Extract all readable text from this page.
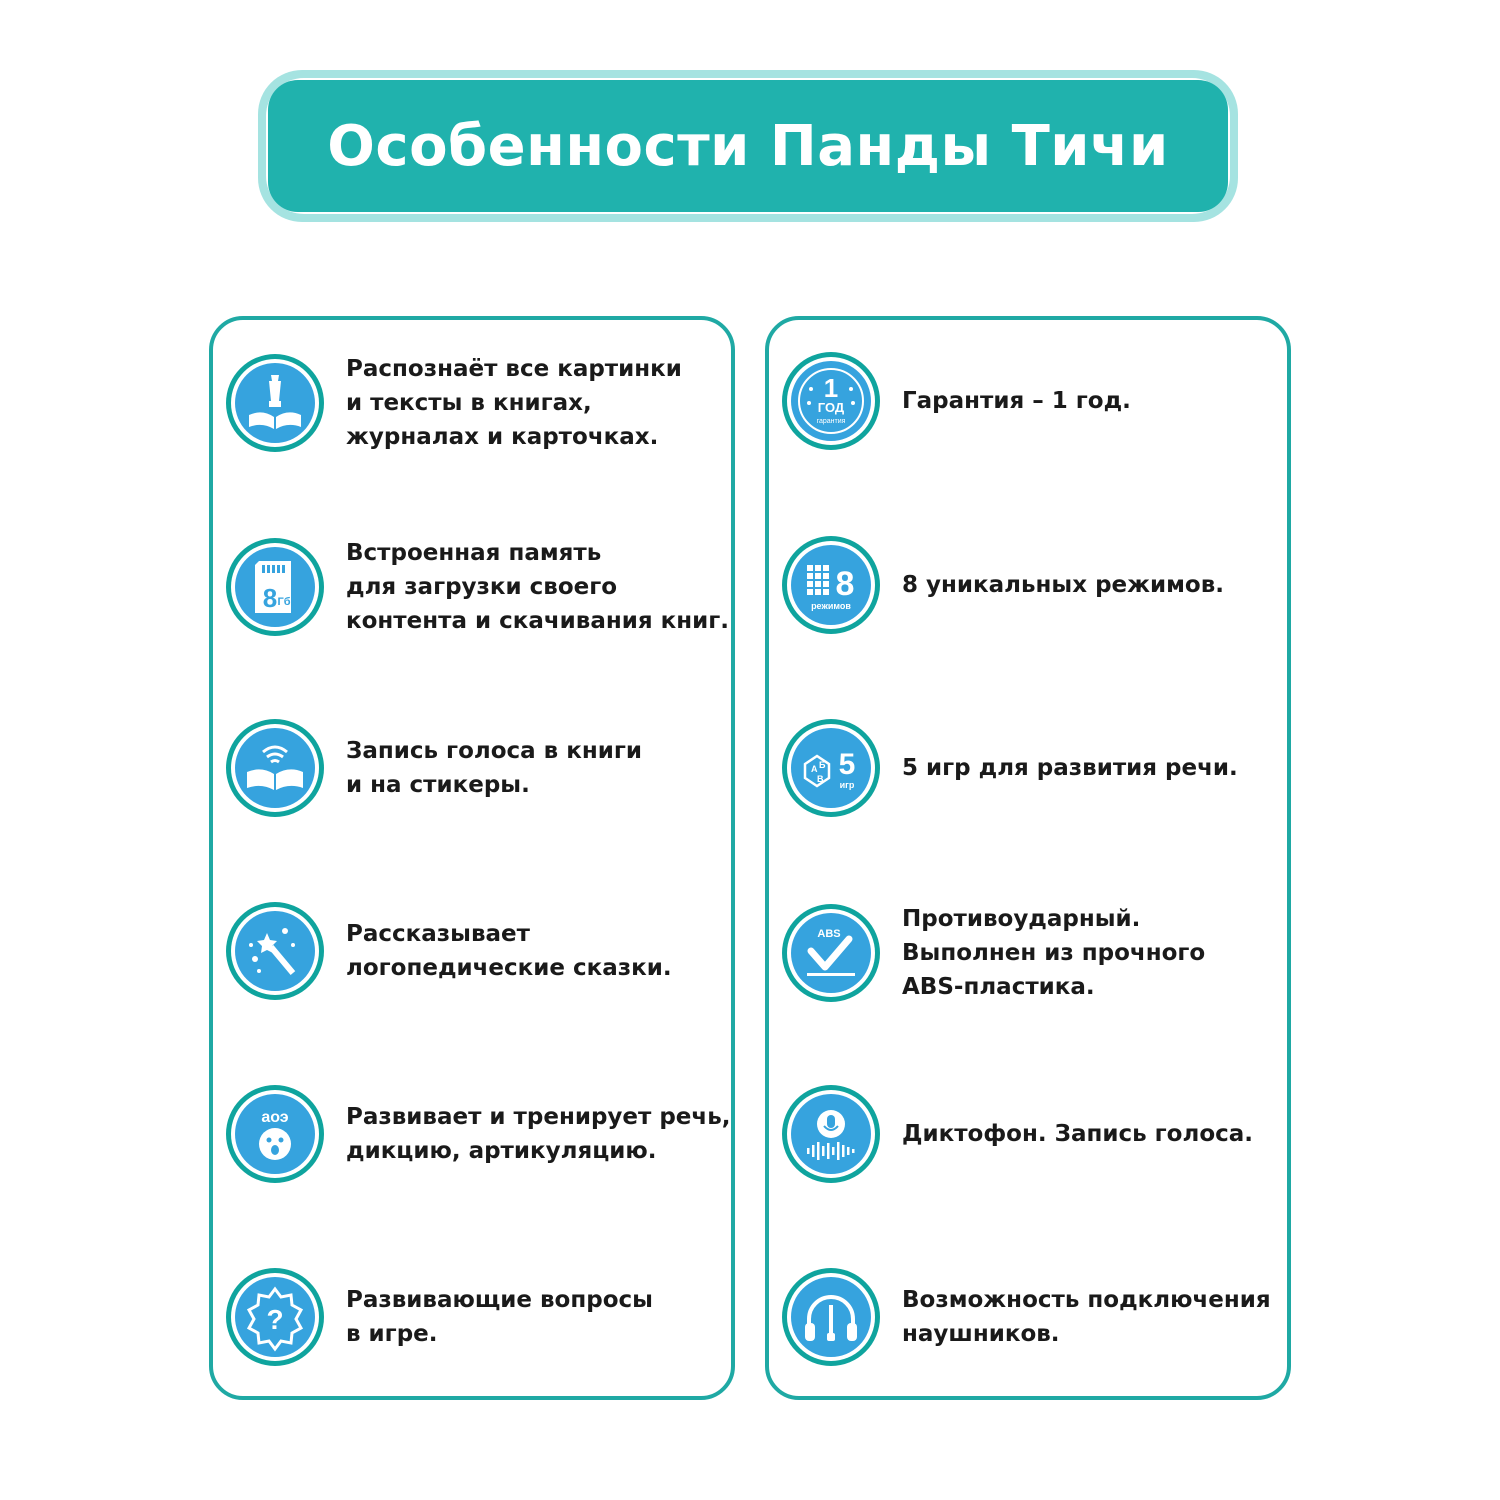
Особенности Панды Тичи
Распознаёт все картинки
и тексты в книгах,
журналах и карточках.
8 Гб
Встроенная память
для загрузки своего
контента и скачивания книг.
Запись голоса в книги
и на стикеры.
Рассказывает
логопедические сказки.
аоэ Развивает и тренирует речь,
дикцию, артикуляцию.
?
Развивающие вопросы
в игре.
1
ГОД
гарантия
Гарантия – 1 год.
8
режимов
8 уникальных режимов.
А Б
В 5
игр
5 игр для развития речи.
ABS
Противоударный.
Выполнен из прочного
ABS-пластика.
Диктофон. Запись голоса.
Возможность подключения
наушников.
